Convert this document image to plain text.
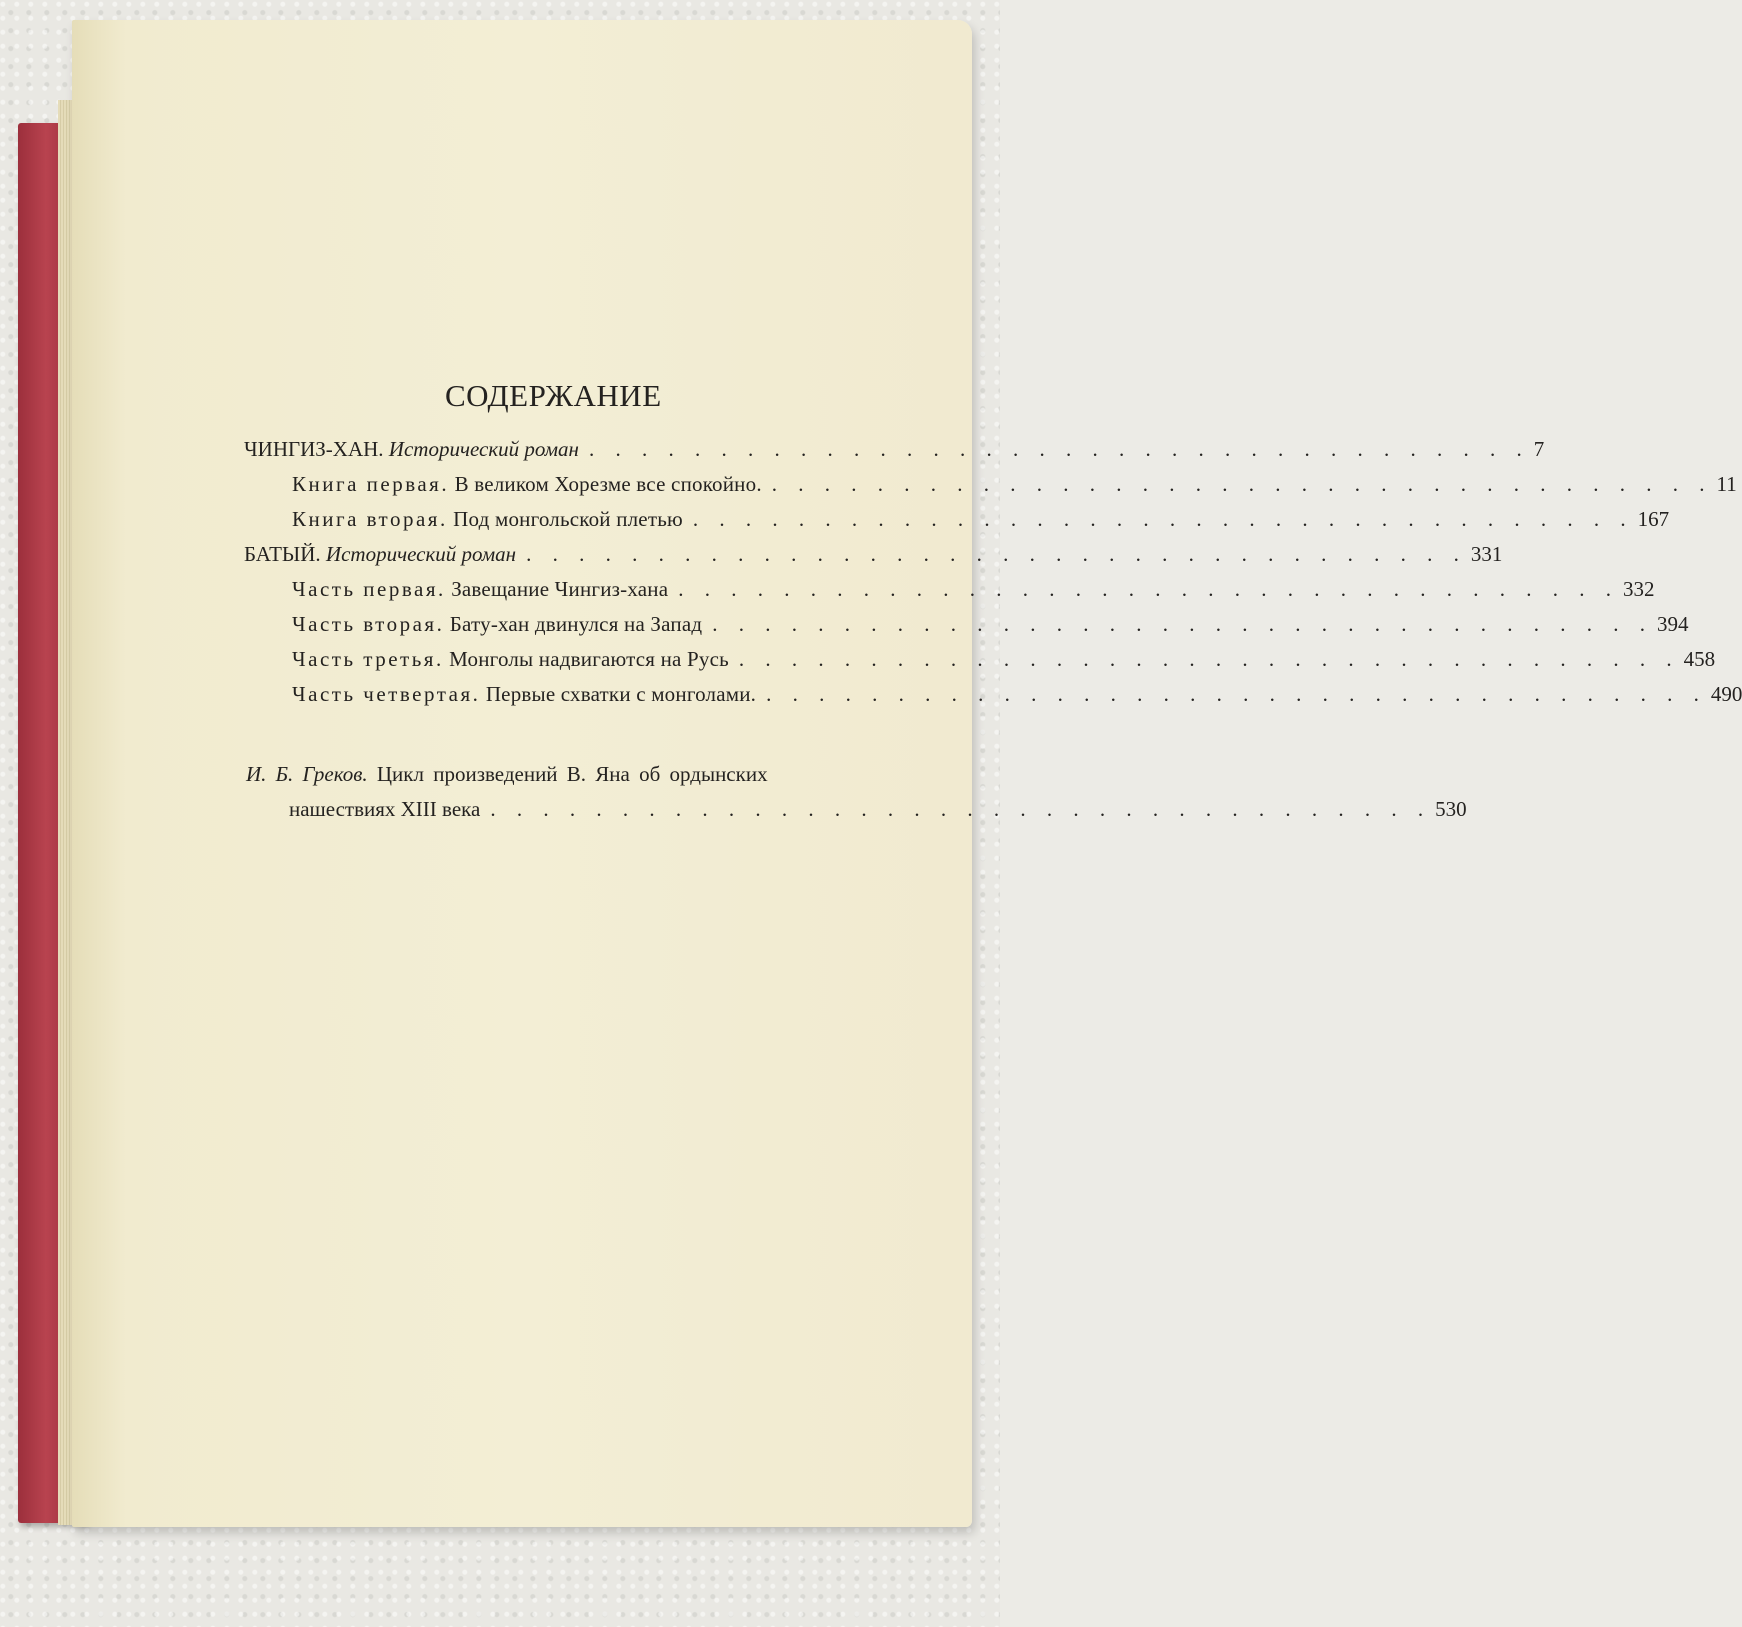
СОДЕРЖАНИЕ
ЧИНГИЗ-ХАН. Исторический роман . . . . . . . . . . . . . . . . . . . . . . . . . . . . . . . . . . . . 7
Книга первая. В великом Хорезме все спокойно. . . . . . . . . . . . . . . . . . . . . . . . . . . . . . . . . . . . . 11
Книга вторая. Под монгольской плетью . . . . . . . . . . . . . . . . . . . . . . . . . . . . . . . . . . . . 167
БАТЫЙ. Исторический роман . . . . . . . . . . . . . . . . . . . . . . . . . . . . . . . . . . . . 331
Часть первая. Завещание Чингиз-хана . . . . . . . . . . . . . . . . . . . . . . . . . . . . . . . . . . . . 332
Часть вторая. Бату-хан двинулся на Запад . . . . . . . . . . . . . . . . . . . . . . . . . . . . . . . . . . . . 394
Часть третья. Монголы надвигаются на Русь . . . . . . . . . . . . . . . . . . . . . . . . . . . . . . . . . . . . 458
Часть четвертая. Первые схватки с монголами. . . . . . . . . . . . . . . . . . . . . . . . . . . . . . . . . . . . . 490
И. Б. Греков. Цикл произведений В. Яна об ордынских
нашествиях XIII века . . . . . . . . . . . . . . . . . . . . . . . . . . . . . . . . . . . . 530
